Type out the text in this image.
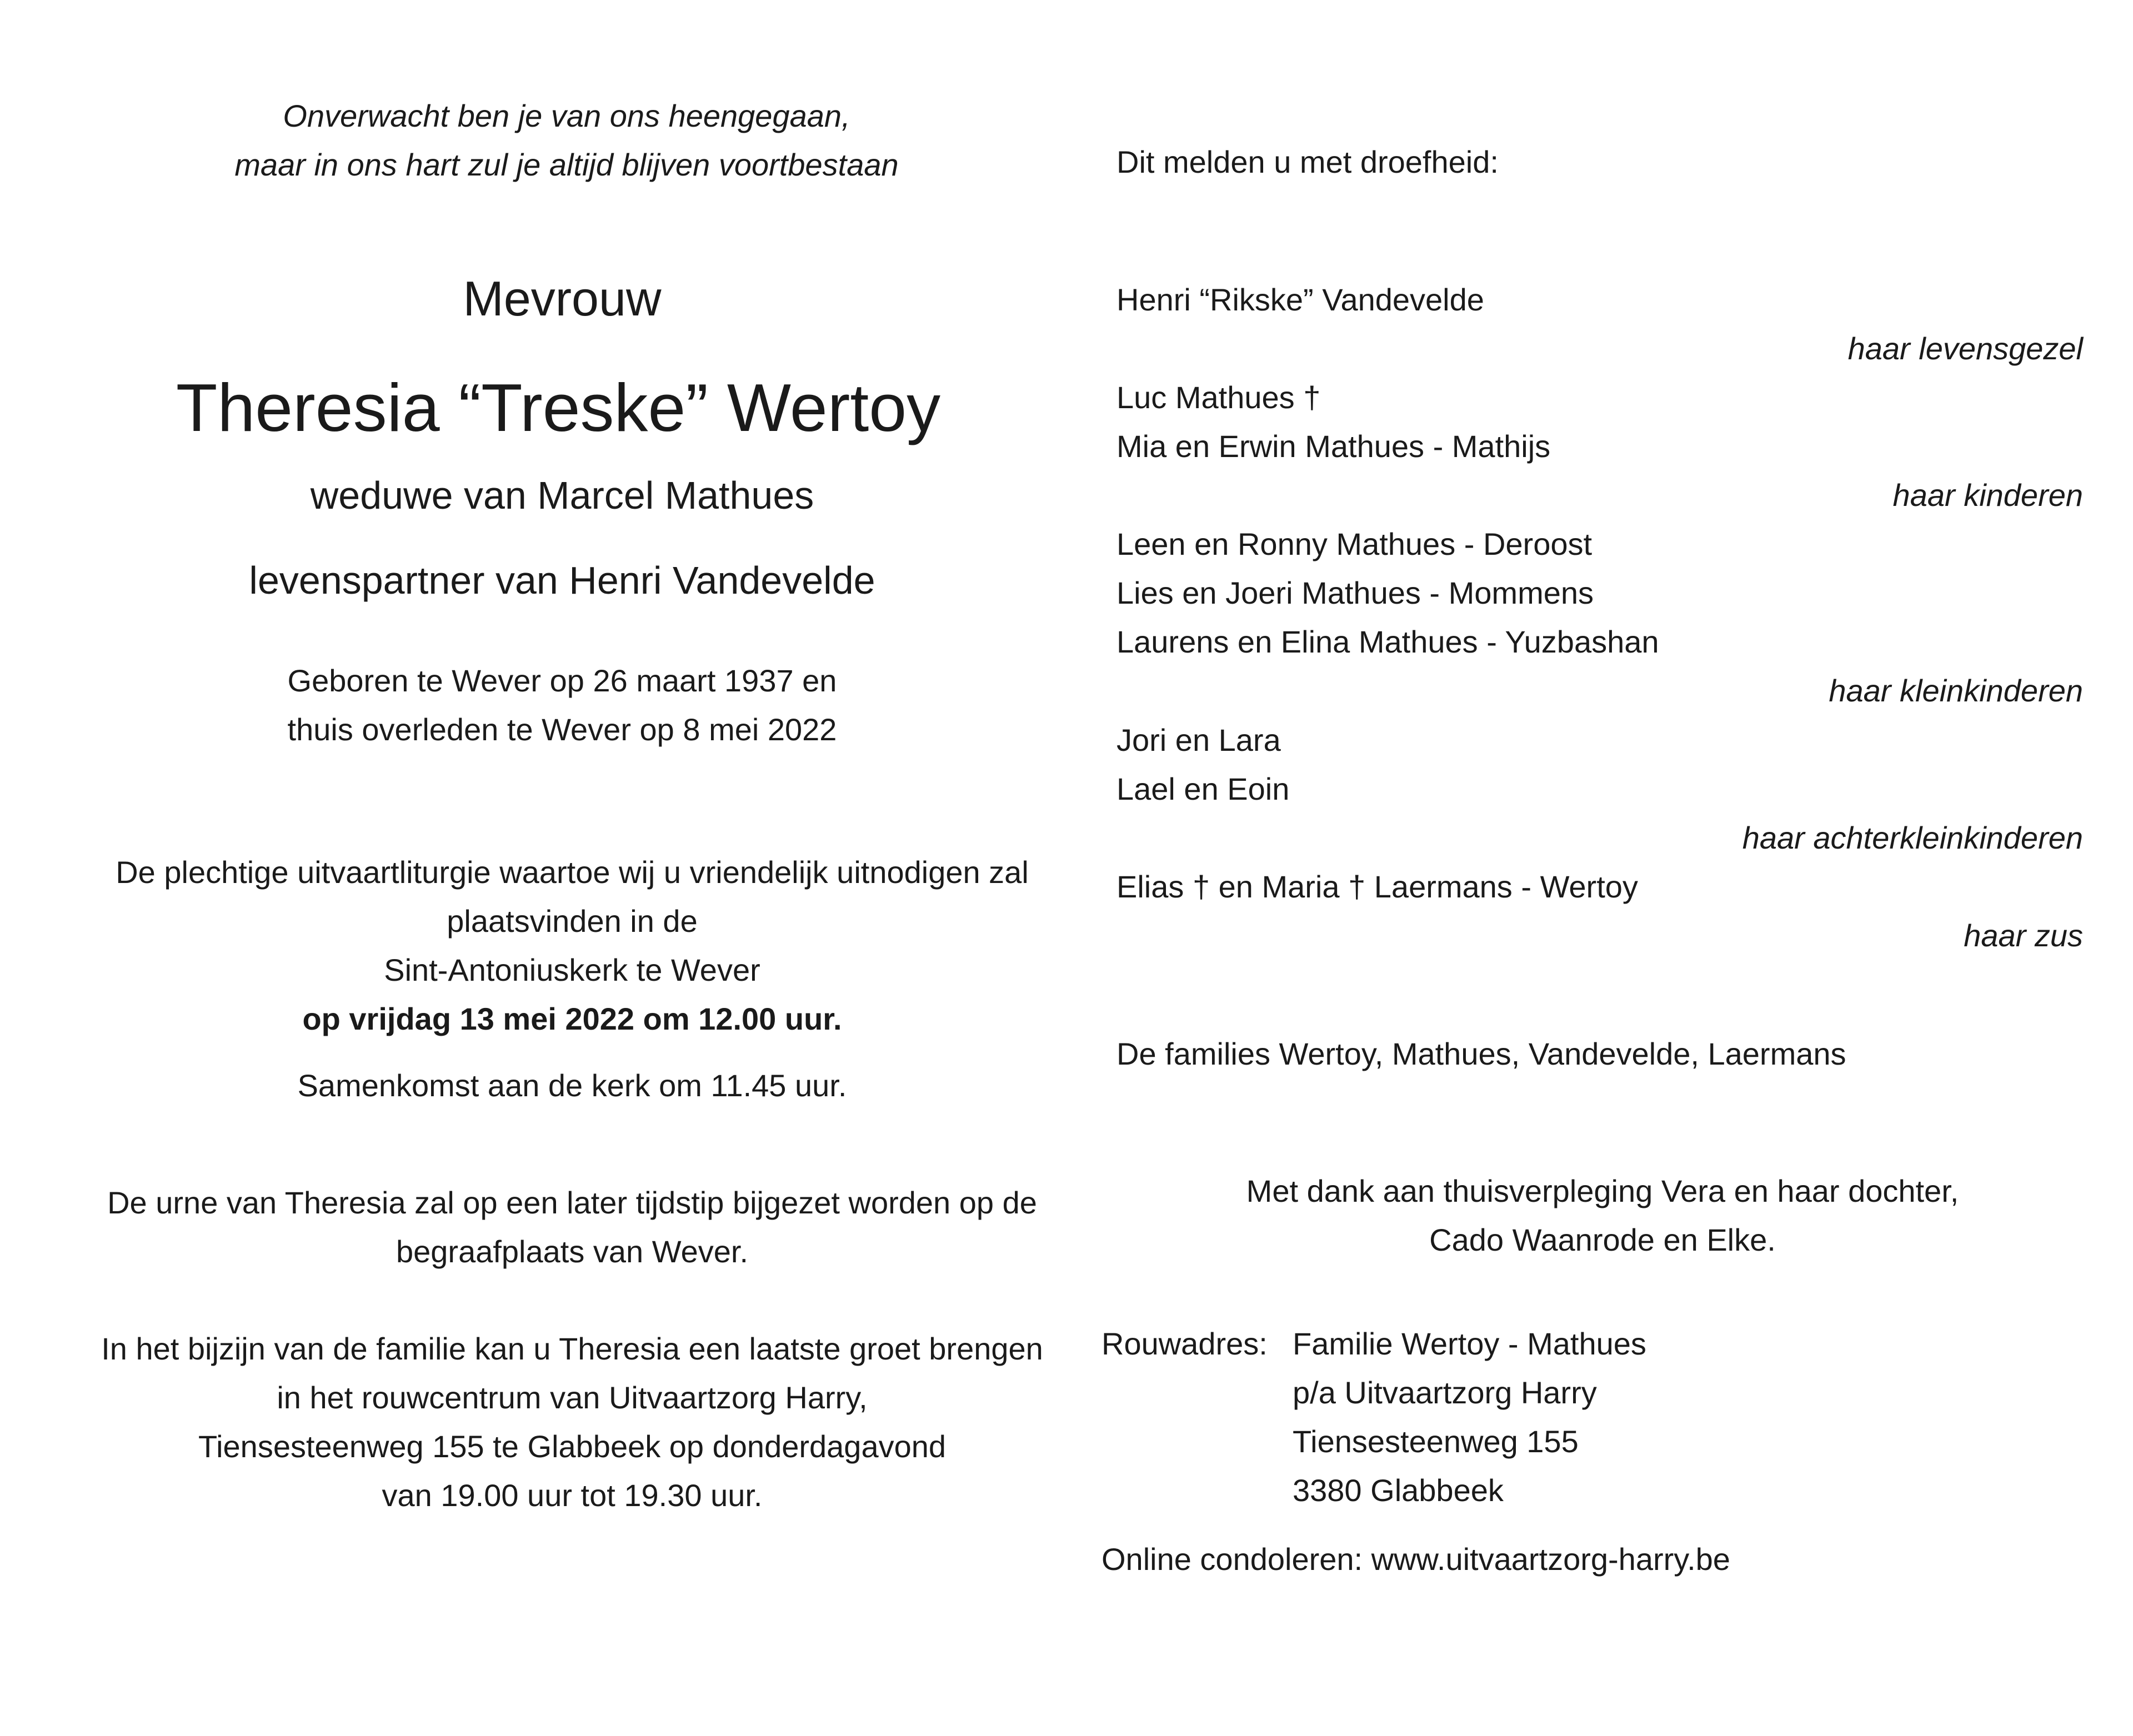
Onverwacht ben je van ons heengegaan,
maar in ons hart zul je altijd blijven voortbestaan
Mevrouw
Theresia “Treske” Wertoy
weduwe van Marcel Mathues
levenspartner van Henri Vandevelde
Geboren te Wever op 26 maart 1937 en
thuis overleden te Wever op 8 mei 2022
De plechtige uitvaartliturgie waartoe wij u vriendelijk uitnodigen zal
plaatsvinden in de
Sint-Antoniuskerk te Wever
op vrijdag 13 mei 2022 om 12.00 uur.
Samenkomst aan de kerk om 11.45 uur.
De urne van Theresia zal op een later tijdstip bijgezet worden op de
begraafplaats van Wever.
In het bijzijn van de familie kan u Theresia een laatste groet brengen
in het rouwcentrum van Uitvaartzorg Harry,
Tiensesteenweg 155 te Glabbeek op donderdagavond
van 19.00 uur tot 19.30 uur.
Dit melden u met droefheid:
Henri “Rikske” Vandevelde
haar levensgezel
Luc Mathues †
Mia en Erwin Mathues - Mathijs
haar kinderen
Leen en Ronny Mathues - Deroost
Lies en Joeri Mathues - Mommens
Laurens en Elina Mathues - Yuzbashan
haar kleinkinderen
Jori en Lara
Lael en Eoin
haar achterkleinkinderen
Elias † en Maria † Laermans - Wertoy
haar zus
De families Wertoy, Mathues, Vandevelde, Laermans
Met dank aan thuisverpleging Vera en haar dochter,
Cado Waanrode en Elke.
Rouwadres: Familie Wertoy - Mathues
p/a Uitvaartzorg Harry
Tiensesteenweg 155
3380 Glabbeek
Online condoleren: www.uitvaartzorg-harry.be
